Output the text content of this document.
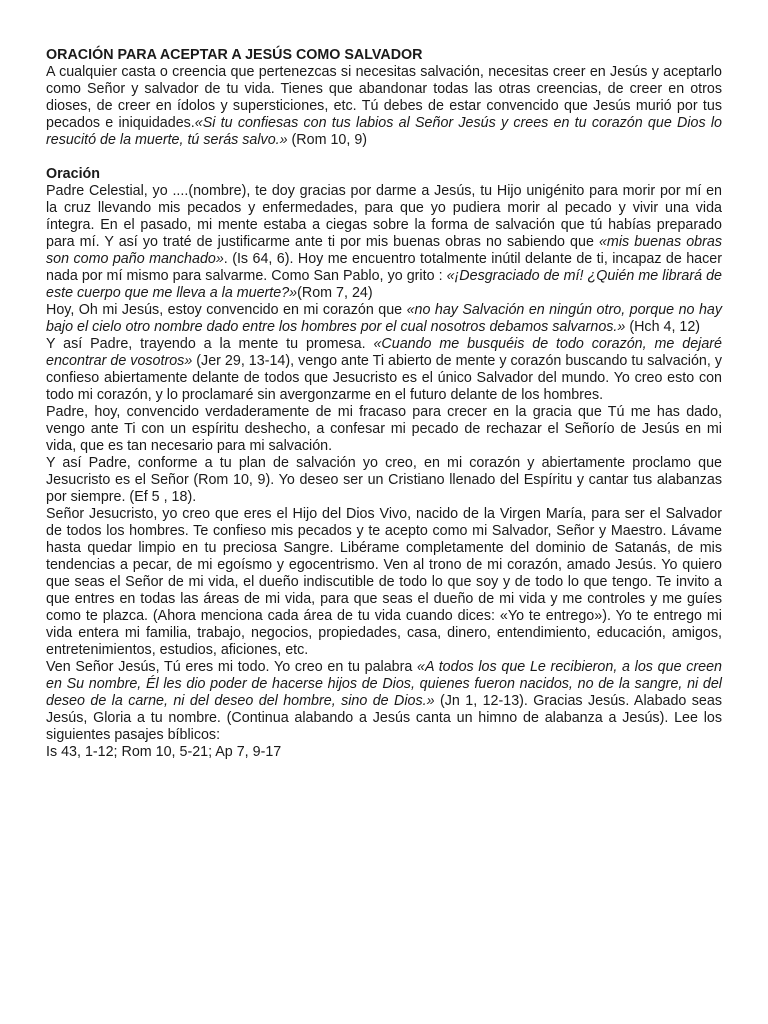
ORACIÓN PARA ACEPTAR A JESÚS COMO SALVADOR

A cualquier casta o creencia que pertenezcas si necesitas salvación, necesitas creer en Jesús y aceptarlo como Señor y salvador de tu vida. Tienes que abandonar todas las otras creencias, de creer en otros dioses, de creer en ídolos y supersticiones, etc. Tú debes de estar convencido que Jesús murió por tus pecados e iniquidades.«Si tu confiesas con tus labios al Señor Jesús y crees en tu corazón que Dios lo resucitó de la muerte, tú serás salvo.» (Rom 10, 9)

Oración

Padre Celestial, yo ....(nombre), te doy gracias por darme a Jesús, tu Hijo unigénito para morir por mí en la cruz llevando mis pecados y enfermedades, para que yo pudiera morir al pecado y vivir una vida íntegra. En el pasado, mi mente estaba a ciegas sobre la forma de salvación que tú habías preparado para mí. Y así yo traté de justificarme ante ti por mis buenas obras no sabiendo que «mis buenas obras son como paño manchado». (Is 64, 6). Hoy me encuentro totalmente inútil delante de ti, incapaz de hacer nada por mí mismo para salvarme. Como San Pablo, yo grito : «¡Desgraciado de mí! ¿Quién me librará de este cuerpo que me lleva a la muerte?»(Rom 7, 24)

Hoy, Oh mi Jesús, estoy convencido en mi corazón que «no hay Salvación en ningún otro, porque no hay bajo el cielo otro nombre dado entre los hombres por el cual nosotros debamos salvarnos.» (Hch 4, 12)

Y así Padre, trayendo a la mente tu promesa. «Cuando me busquéis de todo corazón, me dejaré encontrar de vosotros» (Jer 29, 13-14), vengo ante Ti abierto de mente y corazón buscando tu salvación, y confieso abiertamente delante de todos que Jesucristo es el único Salvador del mundo. Yo creo esto con todo mi corazón, y lo proclamaré sin avergonzarme en el futuro delante de los hombres.

Padre, hoy, convencido verdaderamente de mi fracaso para crecer en la gracia que Tú me has dado, vengo ante Ti con un espíritu deshecho, a confesar mi pecado de rechazar el Señorío de Jesús en mi vida, que es tan necesario para mi salvación.

Y así Padre, conforme a tu plan de salvación yo creo, en mi corazón y abiertamente proclamo que Jesucristo es el Señor (Rom 10, 9). Yo deseo ser un Cristiano llenado del Espíritu y cantar tus alabanzas por siempre. (Ef 5 , 18).

Señor Jesucristo, yo creo que eres el Hijo del Dios Vivo, nacido de la Virgen María, para ser el Salvador de todos los hombres. Te confieso mis pecados y te acepto como mi Salvador, Señor y Maestro. Lávame hasta quedar limpio en tu preciosa Sangre. Libérame completamente del dominio de Satanás, de mis tendencias a pecar, de mi egoísmo y egocentrismo. Ven al trono de mi corazón, amado Jesús. Yo quiero que seas el Señor de mi vida, el dueño indiscutible de todo lo que soy y de todo lo que tengo. Te invito a que entres en todas las áreas de mi vida, para que seas el dueño de mi vida y me controles y me guíes como te plazca. (Ahora menciona cada área de tu vida cuando dices: «Yo te entrego»). Yo te entrego mi vida entera mi familia, trabajo, negocios, propiedades, casa, dinero, entendimiento, educación, amigos, entretenimientos, estudios, aficiones, etc.

Ven Señor Jesús, Tú eres mi todo. Yo creo en tu palabra «A todos los que Le recibieron, a los que creen en Su nombre, Él les dio poder de hacerse hijos de Dios, quienes fueron nacidos, no de la sangre, ni del deseo de la carne, ni del deseo del hombre, sino de Dios.» (Jn 1, 12-13). Gracias Jesús. Alabado seas Jesús, Gloria a tu nombre. (Continua alabando a Jesús canta un himno de alabanza a Jesús). Lee los siguientes pasajes bíblicos:

Is 43, 1-12; Rom 10, 5-21; Ap 7, 9-17
